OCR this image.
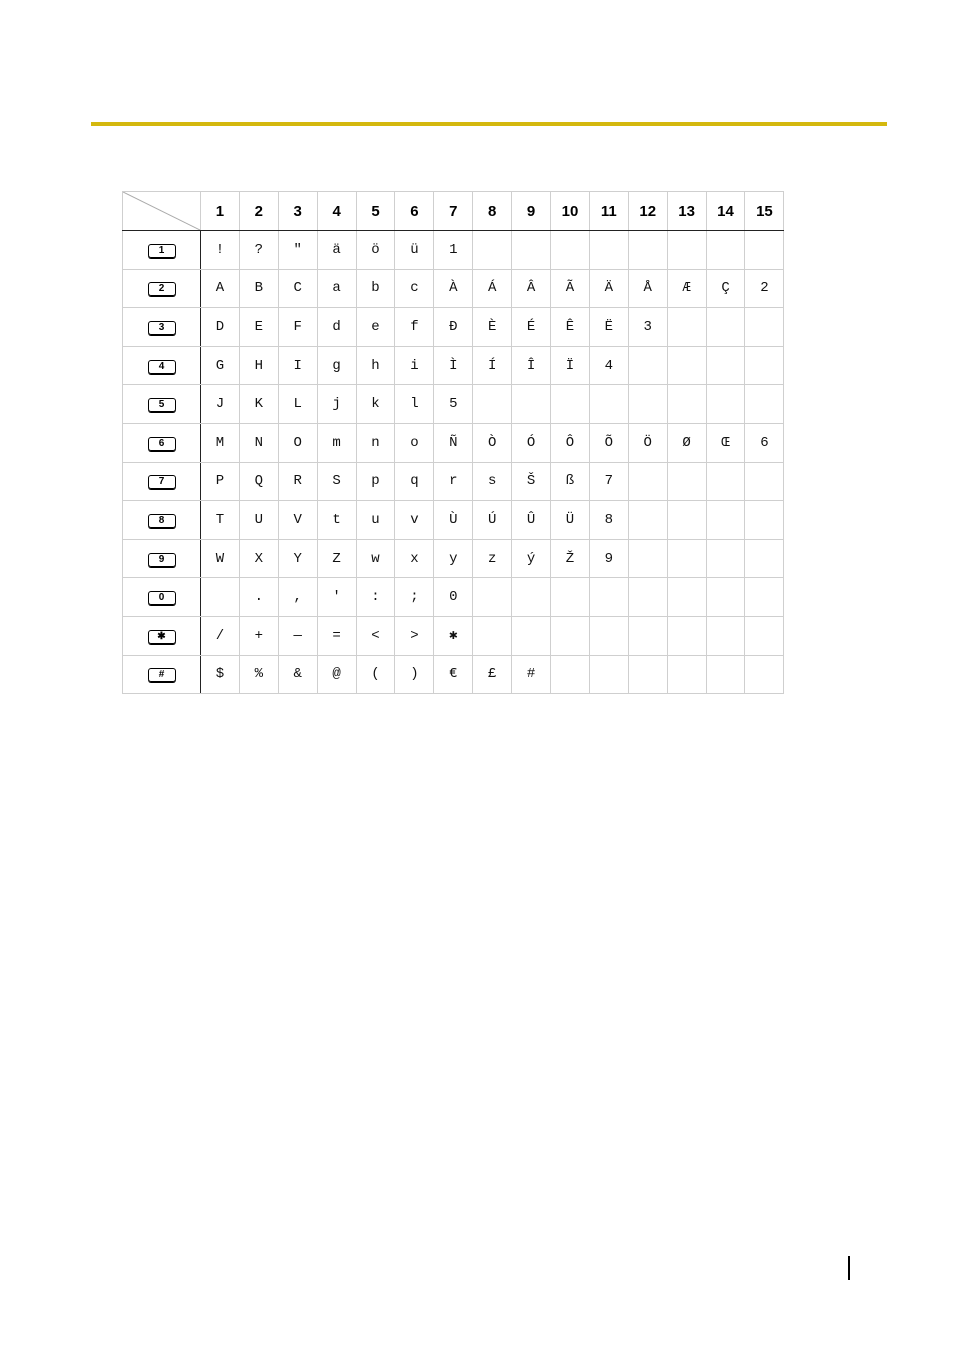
	1	2	3	4	5	6	7	8	9	10	11	12	13	14	15
1	!	?	"	ä	ö	ü	1								
2	A	B	C	a	b	c	À	Á	Â	Ã	Ä	Å	Æ	Ç	2
3	D	E	F	d	e	f	Ð	È	É	Ê	Ë	3			
4	G	H	I	g	h	i	Ì	Í	Î	Ï	4				
5	J	K	L	j	k	l	5								
6	M	N	O	m	n	o	Ñ	Ò	Ó	Ô	Õ	Ö	Ø	Œ	6
7	P	Q	R	S	p	q	r	s	Š	ß	7				
8	T	U	V	t	u	v	Ù	Ú	Û	Ü	8				
9	W	X	Y	Z	w	x	y	z	ý	Ž	9				
0		.	,	'	:	;	0								
✱	/	+	—	=	<	>	✱								
#	$	%	&	@	(	)	€	£	#						
